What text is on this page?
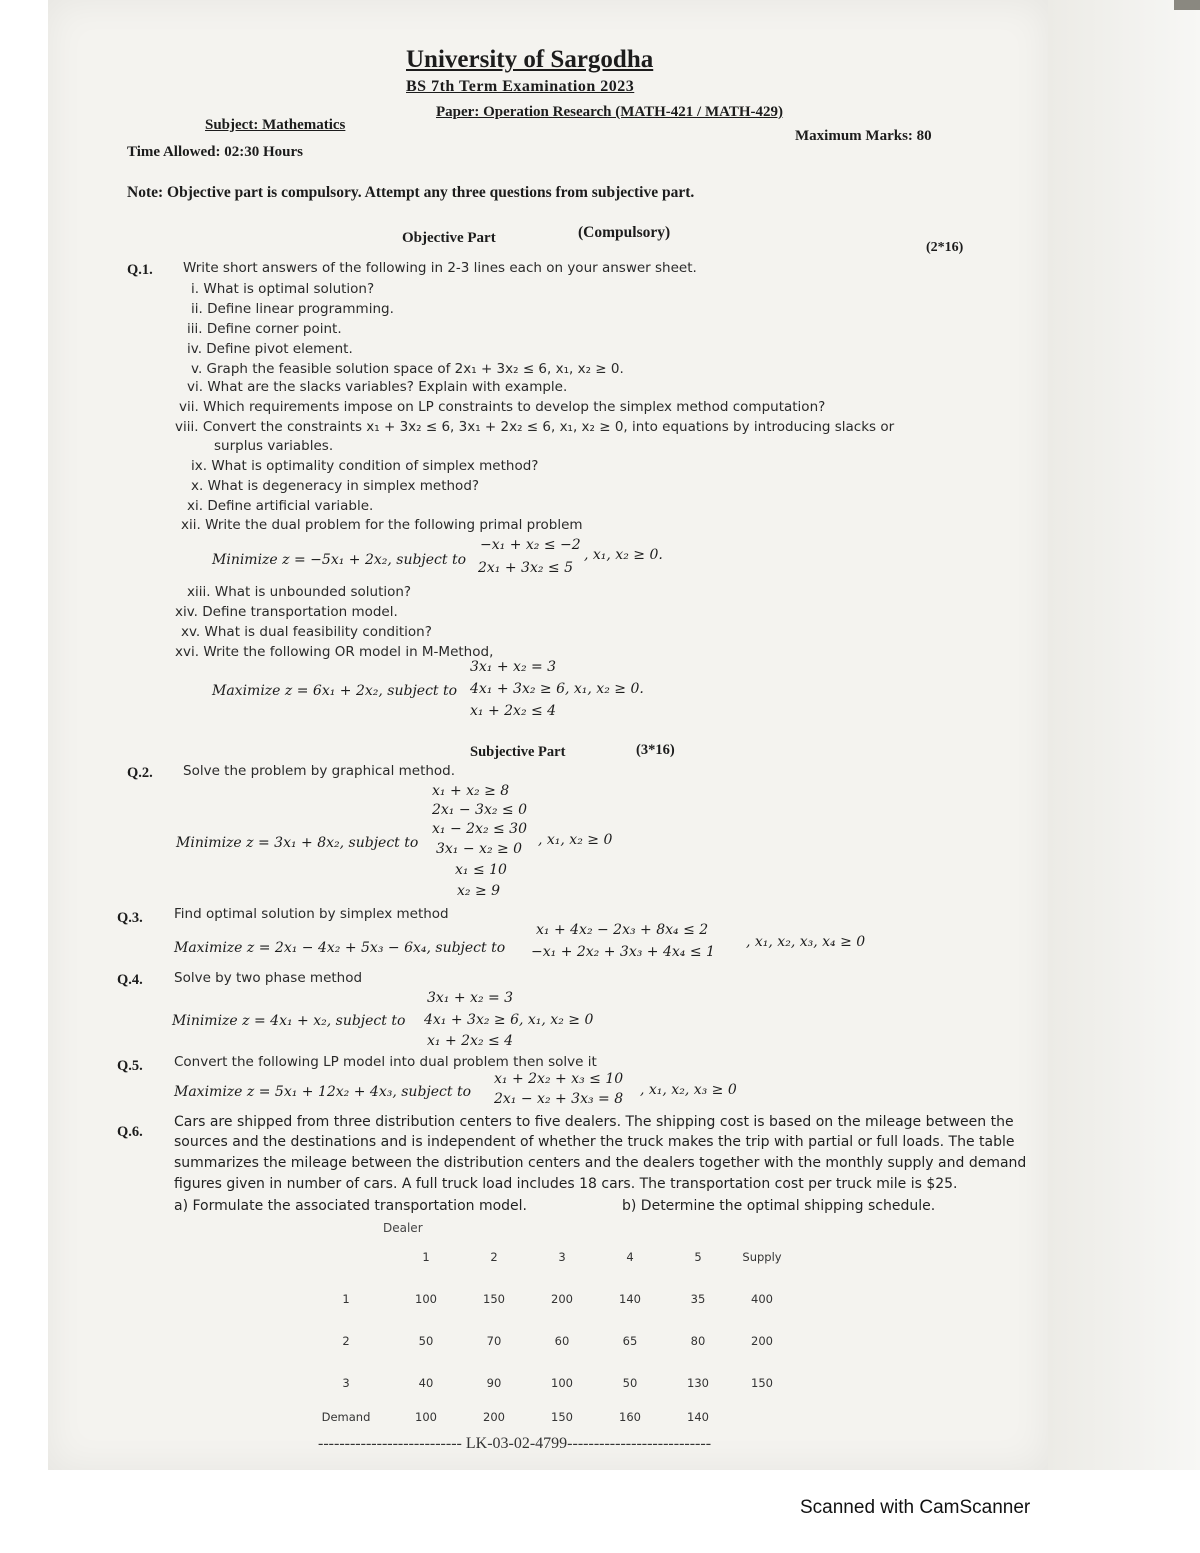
University of Sargodha
BS 7th Term Examination 2023
Paper: Operation Research (MATH-421 / MATH-429)
Subject: Mathematics
Maximum Marks: 80
Time Allowed: 02:30 Hours
Note: Objective part is compulsory. Attempt any three questions from subjective part.
Objective Part	(Compulsory)
(2*16)
Q.1. Write short answers of the following in 2-3 lines each on your answer sheet.
i. What is optimal solution?
ii. Define linear programming.
iii. Define corner point.
iv. Define pivot element.
v. Graph the feasible solution space of 2x₁ + 3x₂ ≤ 6, x₁, x₂ ≥ 0.
vi. What are the slacks variables? Explain with example.
vii. Which requirements impose on LP constraints to develop the simplex method computation?
viii. Convert the constraints x₁ + 3x₂ ≤ 6, 3x₁ + 2x₂ ≤ 6, x₁, x₂ ≥ 0, into equations by introducing slacks or
surplus variables.
ix. What is optimality condition of simplex method?
x. What is degeneracy in simplex method?
xi. Define artificial variable.
xii. Write the dual problem for the following primal problem
xiii. What is unbounded solution?
xiv. Define transportation model.
xv. What is dual feasibility condition?
xvi. Write the following OR model in M-Method,
Minimize z = −5x₁ + 2x₂, subject to
−x₁ + x₂ ≤ −2
2x₁ + 3x₂ ≤ 5
, x₁, x₂ ≥ 0.
3x₁ + x₂ = 3
Maximize z = 6x₁ + 2x₂, subject to 4x₁ + 3x₂ ≥ 6, x₁, x₂ ≥ 0.
x₁ + 2x₂ ≤ 4
Subjective Part	(3*16)
Q.2. Solve the problem by graphical method.
Minimize z = 3x₁ + 8x₂, subject to
x₁ + x₂ ≥ 8
2x₁ − 3x₂ ≤ 0
x₁ − 2x₂ ≤ 30
3x₁ − x₂ ≥ 0
, x₁, x₂ ≥ 0
x₁ ≤ 10
x₂ ≥ 9
Q.3. Find optimal solution by simplex method
Maximize z = 2x₁ − 4x₂ + 5x₃ − 6x₄, subject to
x₁ + 4x₂ − 2x₃ + 8x₄ ≤ 2
−x₁ + 2x₂ + 3x₃ + 4x₄ ≤ 1
, x₁, x₂, x₃, x₄ ≥ 0
Q.4. Solve by two phase method
3x₁ + x₂ = 3
Minimize z = 4x₁ + x₂, subject to 4x₁ + 3x₂ ≥ 6, x₁, x₂ ≥ 0
x₁ + 2x₂ ≤ 4
Q.5. Convert the following LP model into dual problem then solve it
Maximize z = 5x₁ + 12x₂ + 4x₃, subject to
x₁ + 2x₂ + x₃ ≤ 10
2x₁ − x₂ + 3x₃ = 8
, x₁, x₂, x₃ ≥ 0
Q.6.
Cars are shipped from three distribution centers to five dealers. The shipping cost is based on the mileage between the
sources and the destinations and is independent of whether the truck makes the trip with partial or full loads. The table
summarizes the mileage between the distribution centers and the dealers together with the monthly supply and demand
figures given in number of cars. A full truck load includes 18 cars. The transportation cost per truck mile is $25.
a) Formulate the associated transportation model.	b) Determine the optimal shipping schedule.
Dealer
	1	2	3	4	5	Supply
1	100	150	200	140	35	400
2	50	70	60	65	80	200
3	40	90	100	50	130	150
Demand	100	200	150	160	140	
--------------------------- LK-03-02-4799---------------------------
Scanned with CamScanner
